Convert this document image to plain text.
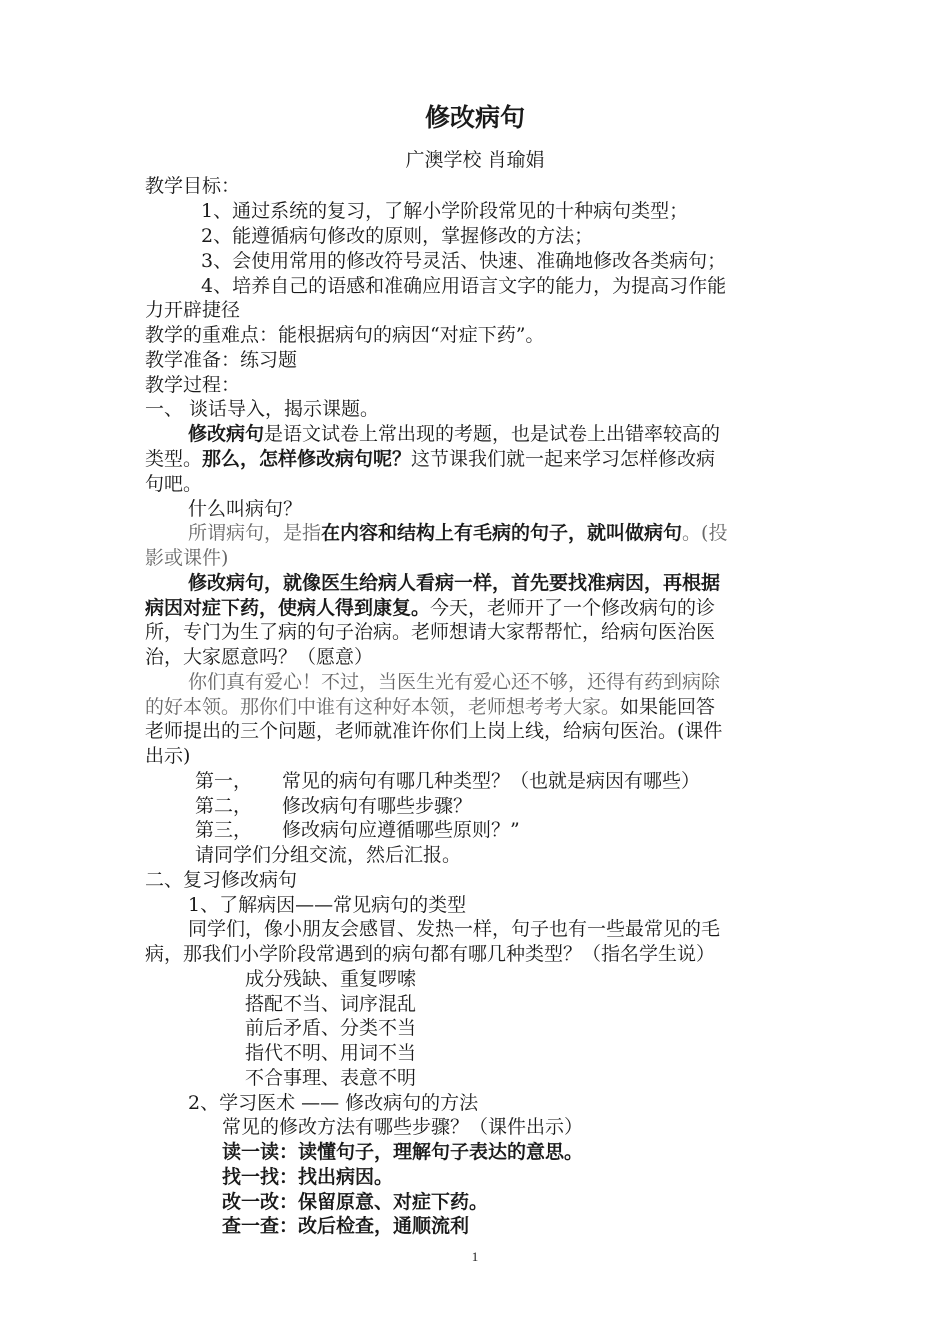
修改病句
广澳学校 肖瑜娟
教学目标：
1、通过系统的复习，了解小学阶段常见的十种病句类型；
2、能遵循病句修改的原则，掌握修改的方法；
3、会使用常用的修改符号灵活、快速、准确地修改各类病句；
4、培养自己的语感和准确应用语言文字的能力，为提高习作能
力开辟捷径
教学的重难点：能根据病句的病因“对症下药”。
教学准备：练习题
教学过程：
一、 谈话导入，揭示课题。
修改病句是语文试卷上常出现的考题，也是试卷上出错率较高的
类型。那么，怎样修改病句呢？这节课我们就一起来学习怎样修改病
句吧。
什么叫病句？
所谓病句，是指在内容和结构上有毛病的句子，就叫做病句。(投
影或课件)
修改病句，就像医生给病人看病一样，首先要找准病因，再根据
病因对症下药，使病人得到康复。今天，老师开了一个修改病句的诊
所，专门为生了病的句子治病。老师想请大家帮帮忙，给病句医治医
治，大家愿意吗？（愿意）
你们真有爱心！不过，当医生光有爱心还不够，还得有药到病除
的好本领。那你们中谁有这种好本领，老师想考考大家。如果能回答
老师提出的三个问题，老师就准许你们上岗上线，给病句医治。(课件
出示)
第一， 常见的病句有哪几种类型？（也就是病因有哪些）
第二， 修改病句有哪些步骤？
第三， 修改病句应遵循哪些原则？”
请同学们分组交流，然后汇报。
二、复习修改病句
1、了解病因——常见病句的类型
同学们，像小朋友会感冒、发热一样，句子也有一些最常见的毛
病，那我们小学阶段常遇到的病句都有哪几种类型？（指名学生说）
成分残缺、重复啰嗦
搭配不当、词序混乱
前后矛盾、分类不当
指代不明、用词不当
不合事理、表意不明
2、学习医术 —— 修改病句的方法
常见的修改方法有哪些步骤？（课件出示）
读一读：读懂句子，理解句子表达的意思。
找一找：找出病因。
改一改：保留原意、对症下药。
查一查：改后检查，通顺流利
1
